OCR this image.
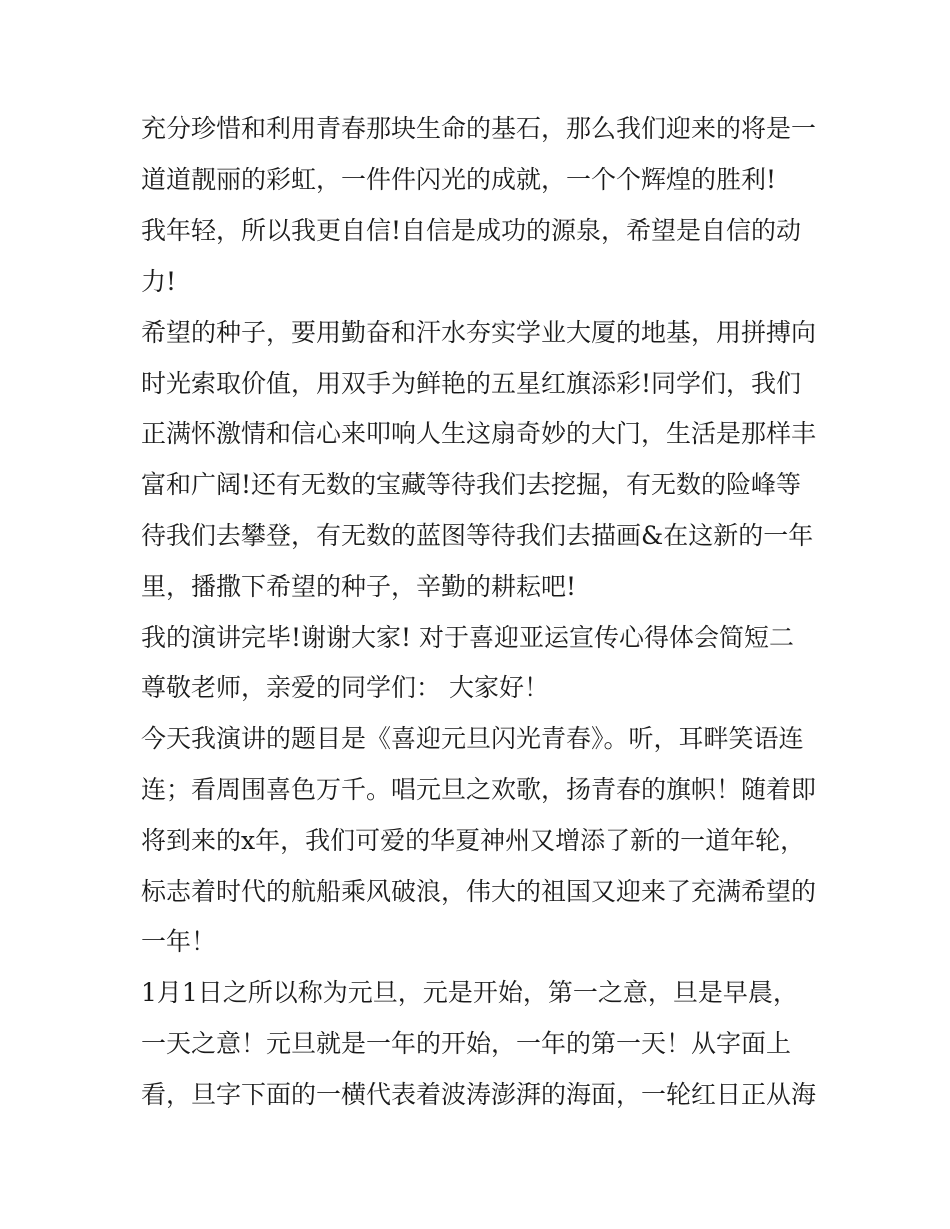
充分珍惜和利用青春那块生命的基石，那么我们迎来的将是一
道道靓丽的彩虹，一件件闪光的成就，一个个辉煌的胜利!
我年轻，所以我更自信!自信是成功的源泉，希望是自信的动
力!
希望的种子，要用勤奋和汗水夯实学业大厦的地基，用拼搏向
时光索取价值，用双手为鲜艳的五星红旗添彩!同学们，我们
正满怀激情和信心来叩响人生这扇奇妙的大门，生活是那样丰
富和广阔!还有无数的宝藏等待我们去挖掘，有无数的险峰等
待我们去攀登，有无数的蓝图等待我们去描画&在这新的一年
里，播撒下希望的种子，辛勤的耕耘吧!
我的演讲完毕!谢谢大家! 对于喜迎亚运宣传心得体会简短二
尊敬老师，亲爱的同学们： 大家好！
今天我演讲的题目是《喜迎元旦闪光青春》。听，耳畔笑语连
连；看周围喜色万千。唱元旦之欢歌，扬青春的旗帜！随着即
将到来的x年，我们可爱的华夏神州又增添了新的一道年轮，
标志着时代的航船乘风破浪，伟大的祖国又迎来了充满希望的
一年！
1月1日之所以称为元旦，元是开始，第一之意，旦是早晨，
一天之意！元旦就是一年的开始，一年的第一天！从字面上
看，旦字下面的一横代表着波涛澎湃的海面，一轮红日正从海
